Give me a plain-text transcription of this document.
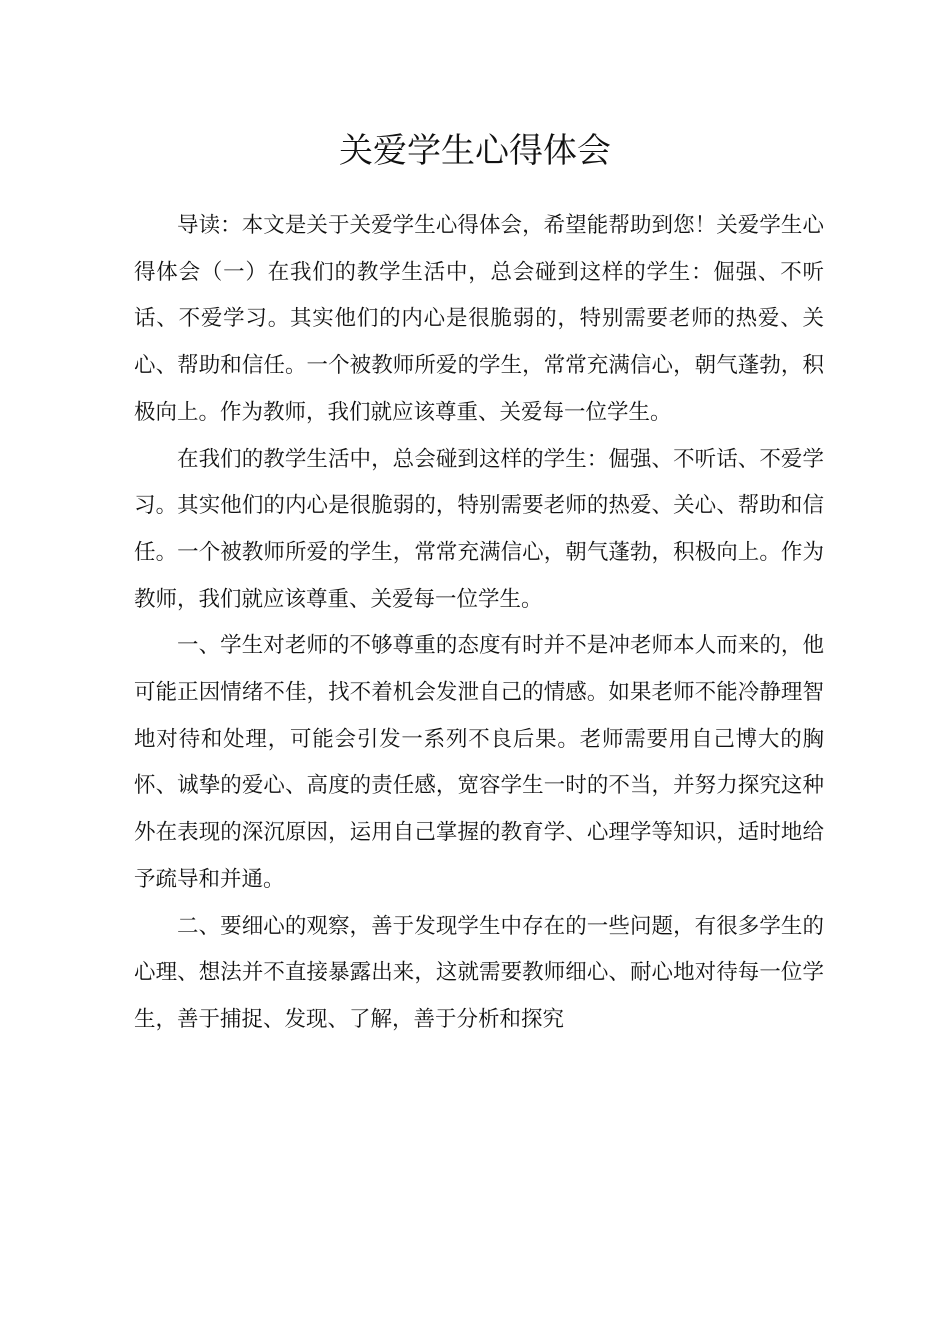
关爱学生心得体会

导读：本文是关于关爱学生心得体会，希望能帮助到您！关爱学生心得体会（一）在我们的教学生活中，总会碰到这样的学生：倔强、不听话、不爱学习。其实他们的内心是很脆弱的，特别需要老师的热爱、关心、帮助和信任。一个被教师所爱的学生，常常充满信心，朝气蓬勃，积极向上。作为教师，我们就应该尊重、关爱每一位学生。

在我们的教学生活中，总会碰到这样的学生：倔强、不听话、不爱学习。其实他们的内心是很脆弱的，特别需要老师的热爱、关心、帮助和信任。一个被教师所爱的学生，常常充满信心，朝气蓬勃，积极向上。作为教师，我们就应该尊重、关爱每一位学生。

一、学生对老师的不够尊重的态度有时并不是冲老师本人而来的，他可能正因情绪不佳，找不着机会发泄自己的情感。如果老师不能冷静理智地对待和处理，可能会引发一系列不良后果。老师需要用自己博大的胸怀、诚挚的爱心、高度的责任感，宽容学生一时的不当，并努力探究这种外在表现的深沉原因，运用自己掌握的教育学、心理学等知识，适时地给予疏导和并通。

二、要细心的观察，善于发现学生中存在的一些问题，有很多学生的心理、想法并不直接暴露出来，这就需要教师细心、耐心地对待每一位学生，善于捕捉、发现、了解，善于分析和探究
